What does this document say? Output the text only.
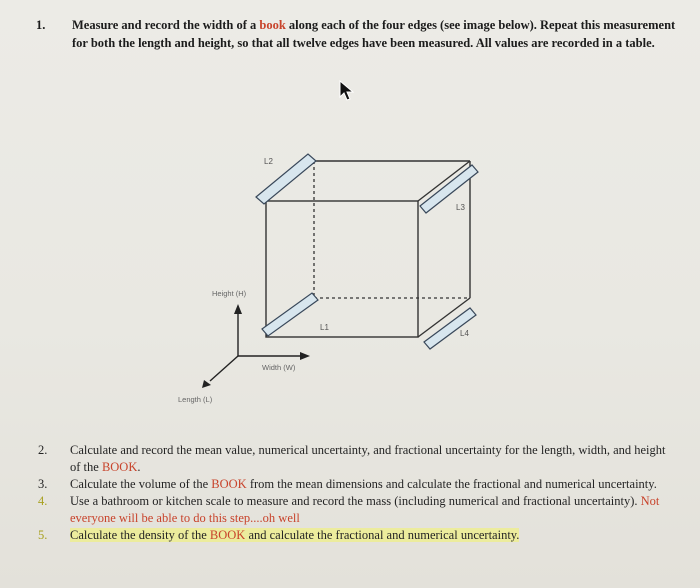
1. Measure and record the width of a book along each of the four edges (see image below). Repeat this measurement for both the length and height, so that all twelve edges have been measured. All values are recorded in a table.
L2
L3
L1
L4
Height (H)
Width (W)
Length (L)
2. Calculate and record the mean value, numerical uncertainty, and fractional uncertainty for the length, width, and height of the BOOK.
3. Calculate the volume of the BOOK from the mean dimensions and calculate the fractional and numerical uncertainty.
4. Use a bathroom or kitchen scale to measure and record the mass (including numerical and fractional uncertainty). Not everyone will be able to do this step....oh well
5. Calculate the density of the BOOK and calculate the fractional and numerical uncertainty.
